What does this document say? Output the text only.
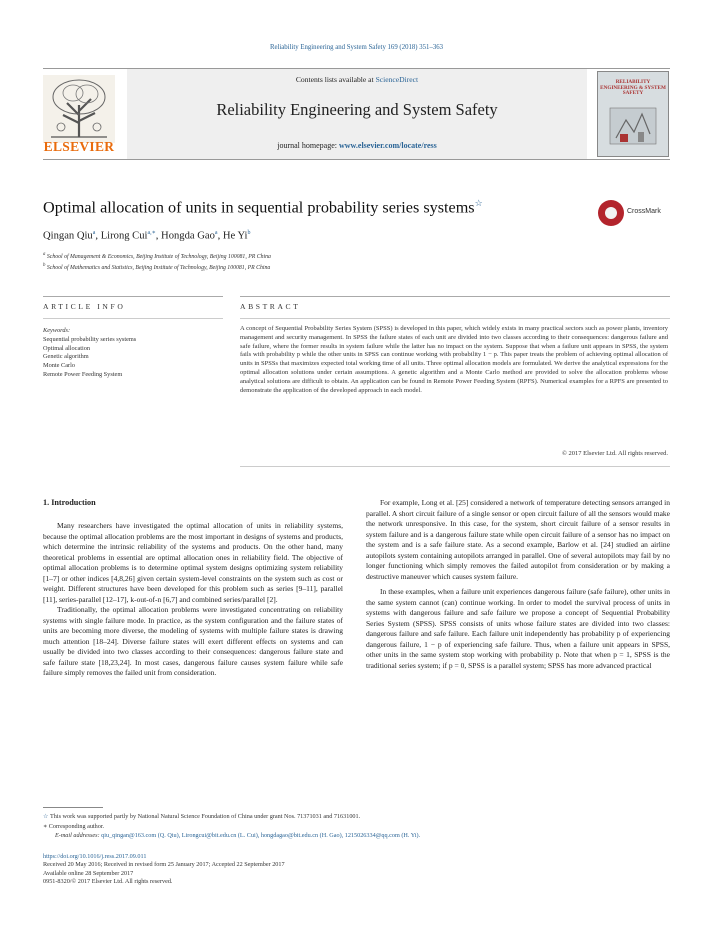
Reliability Engineering and System Safety 169 (2018) 351–363
ELSEVIER
Contents lists available at ScienceDirect
Reliability Engineering and System Safety
journal homepage: www.elsevier.com/locate/ress
RELIABILITY ENGINEERING & SYSTEM SAFETY
Optimal allocation of units in sequential probability series systems☆
CrossMark
Qingan Qiu$^a$, Lirong Cui$^{a,∗}$, Hongda Gao$^a$, He Yi$^b$
$^a$ School of Management & Economics, Beijing Institute of Technology, Beijing 100081, PR China
$^b$ School of Mathematics and Statistics, Beijing Institute of Technology, Beijing 100081, PR China
ARTICLE INFO	ABSTRACT
Keywords:
Sequential probability series systems
Optimal allocation
Genetic algorithm
Monte Carlo
Remote Power Feeding System
A concept of Sequential Probability Series System (SPSS) is developed in this paper, which widely exists in many practical sectors such as power plants, inventory management and security management. In SPSS the failure states of each unit are divided into two classes according to their consequences: dangerous failure and safe failure, where the former results in system failure while the latter has no impact on the system. Suppose that when a failure unit appears in SPSS, the system fails with probability p while the other units in SPSS can continue working with probability 1 − p. This paper treats the problem of achieving optimal allocation of units in SPSSs that maximizes expected total working time of all units. Three optimal allocation models are formulated. We derive the analytical expressions for the optimal allocation solutions under certain assumptions. A genetic algorithm and a Monte Carlo method are provided to solve the allocation problems whose analytical solutions are difficult to obtain. An application can be found in Remote Power Feeding System (RPFS). Numerical examples for a RPFS are presented to demonstrate the application of the developed approach in each model.
© 2017 Elsevier Ltd. All rights reserved.
1. Introduction

Many researchers have investigated the optimal allocation of units in reliability systems, because the optimal allocation problems are the most important in designs of systems and products, which determine the intrinsic reliability of the systems and products. On the other hand, many theoretical problems in essential are optimal allocation ones in reliability field. The objective of optimal allocation problems is to determine optimal system designs optimizing system reliability [1–7] or other indices [4,8,26] given certain system-level constraints on the system such as cost or weight. Different structures have been developed for this problem such as series [9–11], parallel [11], series-parallel [12–17], k-out-of-n [6,7] and combined series/parallel [2].

Traditionally, the optimal allocation problems were investigated concentrating on reliability systems with single failure mode. In practice, as the system configuration and the failure states of units are becoming more diverse, the modeling of systems with multiple failure states is drawing much attention [18–24]. Diverse failure states will exert different effects on systems and can usually be divided into two classes according to their consequences: dangerous failure state and safe failure state [18,23,24]. In most cases, dangerous failure causes system failure while safe failure simply removes the failed unit from consideration.

For example, Long et al. [25] considered a network of temperature detecting sensors arranged in parallel. A short circuit failure of a single sensor or open circuit failure of all the sensors would make the network unresponsive. In this case, for the system, short circuit failure of a sensor results in system failure and is a dangerous failure state while open circuit failure of a sensor has no impact on the system and is a safe failure state. As a second example, Barlow et al. [24] studied an airline autopilots system containing autopilots arranged in parallel. One of several autopilots may fail by no longer functioning which simply removes the failed autopilot from consideration or by making a destructive maneuver which causes system failure.

In these examples, when a failure unit experiences dangerous failure (safe failure), other units in the same system cannot (can) continue working. In order to model the survival process of units in systems with dangerous failure and safe failure we propose a concept of Sequential Probability Series System (SPSS). SPSS consists of units whose failure states are divided into two classes: dangerous failure and safe failure. Each failure unit independently has probability p of experiencing dangerous failure, 1 − p of experiencing safe failure. Thus, when a failure unit appears in SPSS, other units in the same system stop working with probability p. Note that when p = 1, SPSS is the traditional series system; if p = 0, SPSS is a parallel system; SPSS has more advanced practical

☆ This work was supported partly by National Natural Science Foundation of China under grant Nos. 71371031 and 71631001.
∗ Corresponding author.
E-mail addresses: qiu_qingan@163.com (Q. Qiu), Lirongcui@bit.edu.cn (L. Cui), hongdagao@bit.edu.cn (H. Gao), 1215026334@qq.com (H. Yi).
https://doi.org/10.1016/j.ress.2017.09.011
Received 20 May 2016; Received in revised form 25 January 2017; Accepted 22 September 2017
Available online 28 September 2017
0951-8320/© 2017 Elsevier Ltd. All rights reserved.
